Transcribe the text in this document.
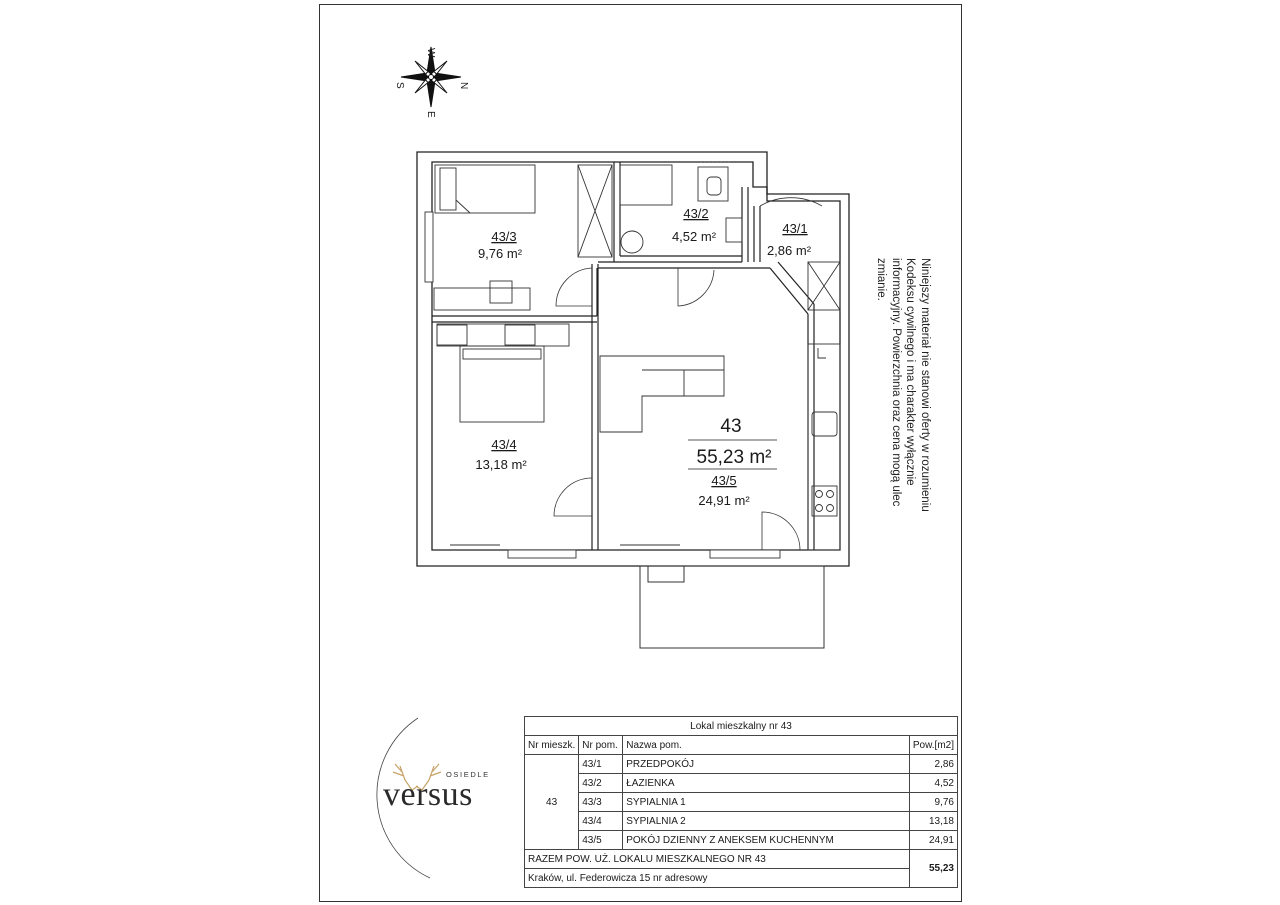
W
N
S
E
43/3
9,76 m²
43/2
4,52 m²
43/1
2,86 m²
43/4
13,18 m²
43
55,23 m²
43/5
24,91 m²	Niniejszy materiał nie stanowi oferty w rozumieniu Kodeksu cywilnego i ma charakter wyłącznie informacyjny. Powierzchnia oraz cena mogą ulec zmianie.
OSIEDLE
versus
Lokal mieszkalny nr 43			
Nr mieszk.	Nr pom.	Nazwa pom.	Pow.[m2]
43	43/1	PRZEDPOKÓJ	2,86
	43/2	ŁAZIENKA	4,52
	43/3	SYPIALNIA 1	9,76
	43/4	SYPIALNIA 2	13,18
	43/5	POKÓJ DZIENNY Z ANEKSEM KUCHENNYM	24,91
RAZEM POW. UŻ. LOKALU MIESZKALNEGO NR 43			55,23
Kraków, ul. Federowicza 15 nr adresowy			
